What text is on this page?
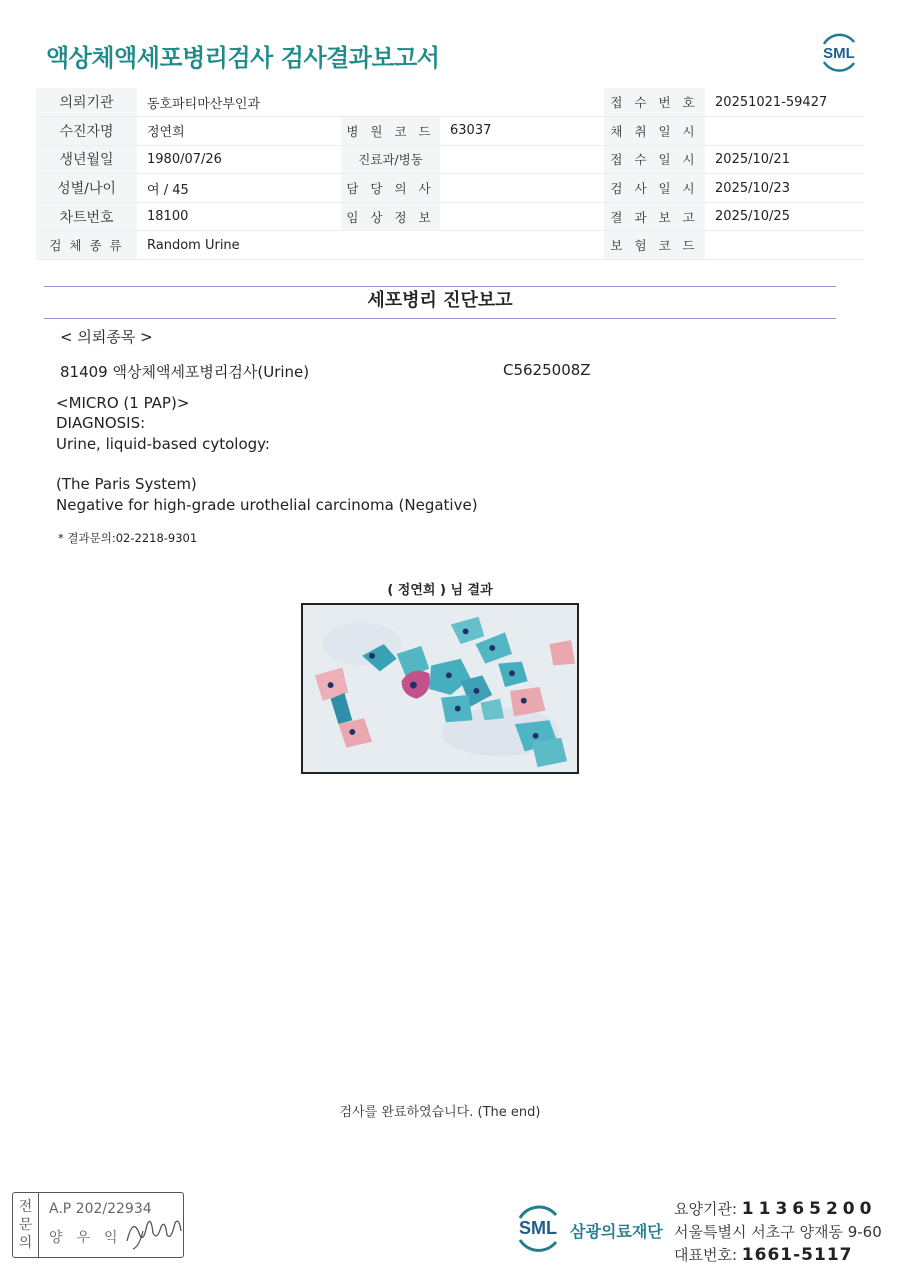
액상체액세포병리검사 검사결과보고서	SML
의뢰기관	동호파티마산부인과			접 수 번 호	20251021-59427
수진자명	정연희	병 원 코 드	63037	채 취 일 시	
생년월일	1980/07/26	진료과/병동		접 수 일 시	2025/10/21
성별/나이	여 / 45	담 당 의 사		검 사 일 시	2025/10/23
차트번호	18100	임 상 정 보		결 과 보 고	2025/10/25
검 체 종 류	Random Urine			보 험 코 드	
세포병리 진단보고
< 의뢰종목 >
81409 액상체액세포병리검사(Urine)	C5625008Z
<MICRO (1 PAP)>
DIAGNOSIS:
Urine, liquid-based cytology:
(The Paris System)
Negative for high-grade urothelial carcinoma (Negative)
* 결과문의:02-2218-9301
( 정연희 ) 님 결과
검사를 완료하였습니다. (The end)
전
문
의
A.P 202/22934
양우익	SML 삼광의료재단
요양기관: 11365200
서울특별시 서초구 양재동 9-60
대표번호: 1661-5117
